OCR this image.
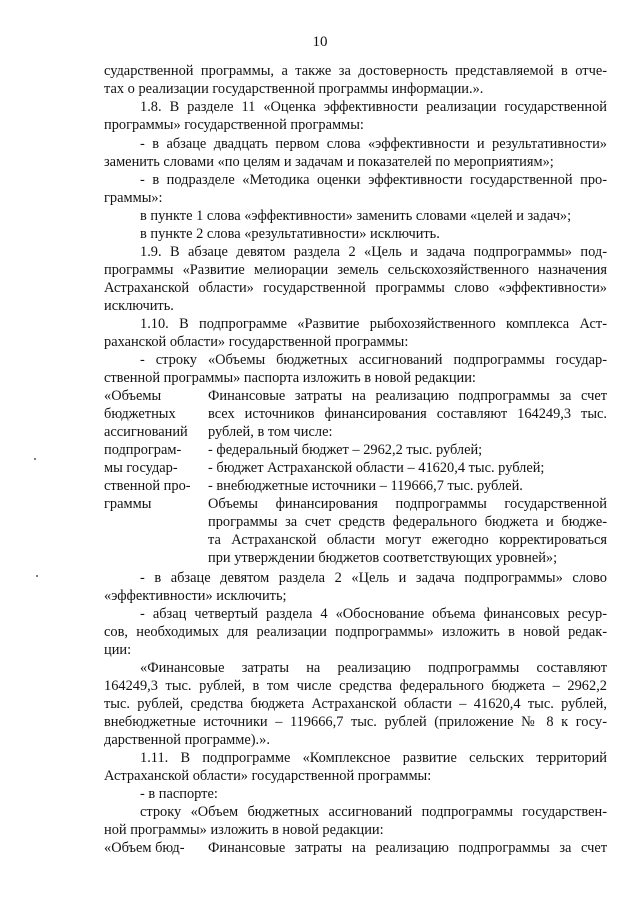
10
сударственной программы, а также за достоверность представляемой в отче-
тах о реализации государственной программы информации.».
1.8. В разделе 11 «Оценка эффективности реализации государственной
программы» государственной программы:
- в абзаце двадцать первом слова «эффективности и результативности»
заменить словами «по целям и задачам и показателей по мероприятиям»;
- в подразделе «Методика оценки эффективности государственной про-
граммы»:
в пункте 1 слова «эффективности» заменить словами «целей и задач»;
в пункте 2 слова «результативности» исключить.
1.9. В абзаце девятом раздела 2 «Цель и задача подпрограммы» под-
программы «Развитие мелиорации земель сельскохозяйственного назначения
Астраханской области» государственной программы слово «эффективности»
исключить.
1.10. В подпрограмме «Развитие рыбохозяйственного комплекса Аст-
раханской области» государственной программы:
- строку «Объемы бюджетных ассигнований подпрограммы государ-
ственной программы» паспорта изложить в новой редакции:
«Объемы
бюджетных
ассигнований
подпрограм-
мы государ-
ственной про-
граммы
Финансовые затраты на реализацию подпрограммы за счет
всех источников финансирования составляют 164249,3 тыс.
рублей, в том числе:
- федеральный бюджет – 2962,2 тыс. рублей;
- бюджет Астраханской области – 41620,4 тыс. рублей;
- внебюджетные источники – 119666,7 тыс. рублей.
Объемы финансирования подпрограммы государственной
программы за счет средств федерального бюджета и бюдже-
та Астраханской области могут ежегодно корректироваться
при утверждении бюджетов соответствующих уровней»;
- в абзаце девятом раздела 2 «Цель и задача подпрограммы» слово
«эффективности» исключить;
- абзац четвертый раздела 4 «Обоснование объема финансовых ресур-
сов, необходимых для реализации подпрограммы» изложить в новой редак-
ции:
«Финансовые затраты на реализацию подпрограммы составляют
164249,3 тыс. рублей, в том числе средства федерального бюджета – 2962,2
тыс. рублей, средства бюджета Астраханской области – 41620,4 тыс. рублей,
внебюджетные источники – 119666,7 тыс. рублей (приложение № 8 к госу-
дарственной программе).».
1.11. В подпрограмме «Комплексное развитие сельских территорий
Астраханской области» государственной программы:
- в паспорте:
строку «Объем бюджетных ассигнований подпрограммы государствен-
ной программы» изложить в новой редакции:
«Объем бюд- Финансовые затраты на реализацию подпрограммы за счет
